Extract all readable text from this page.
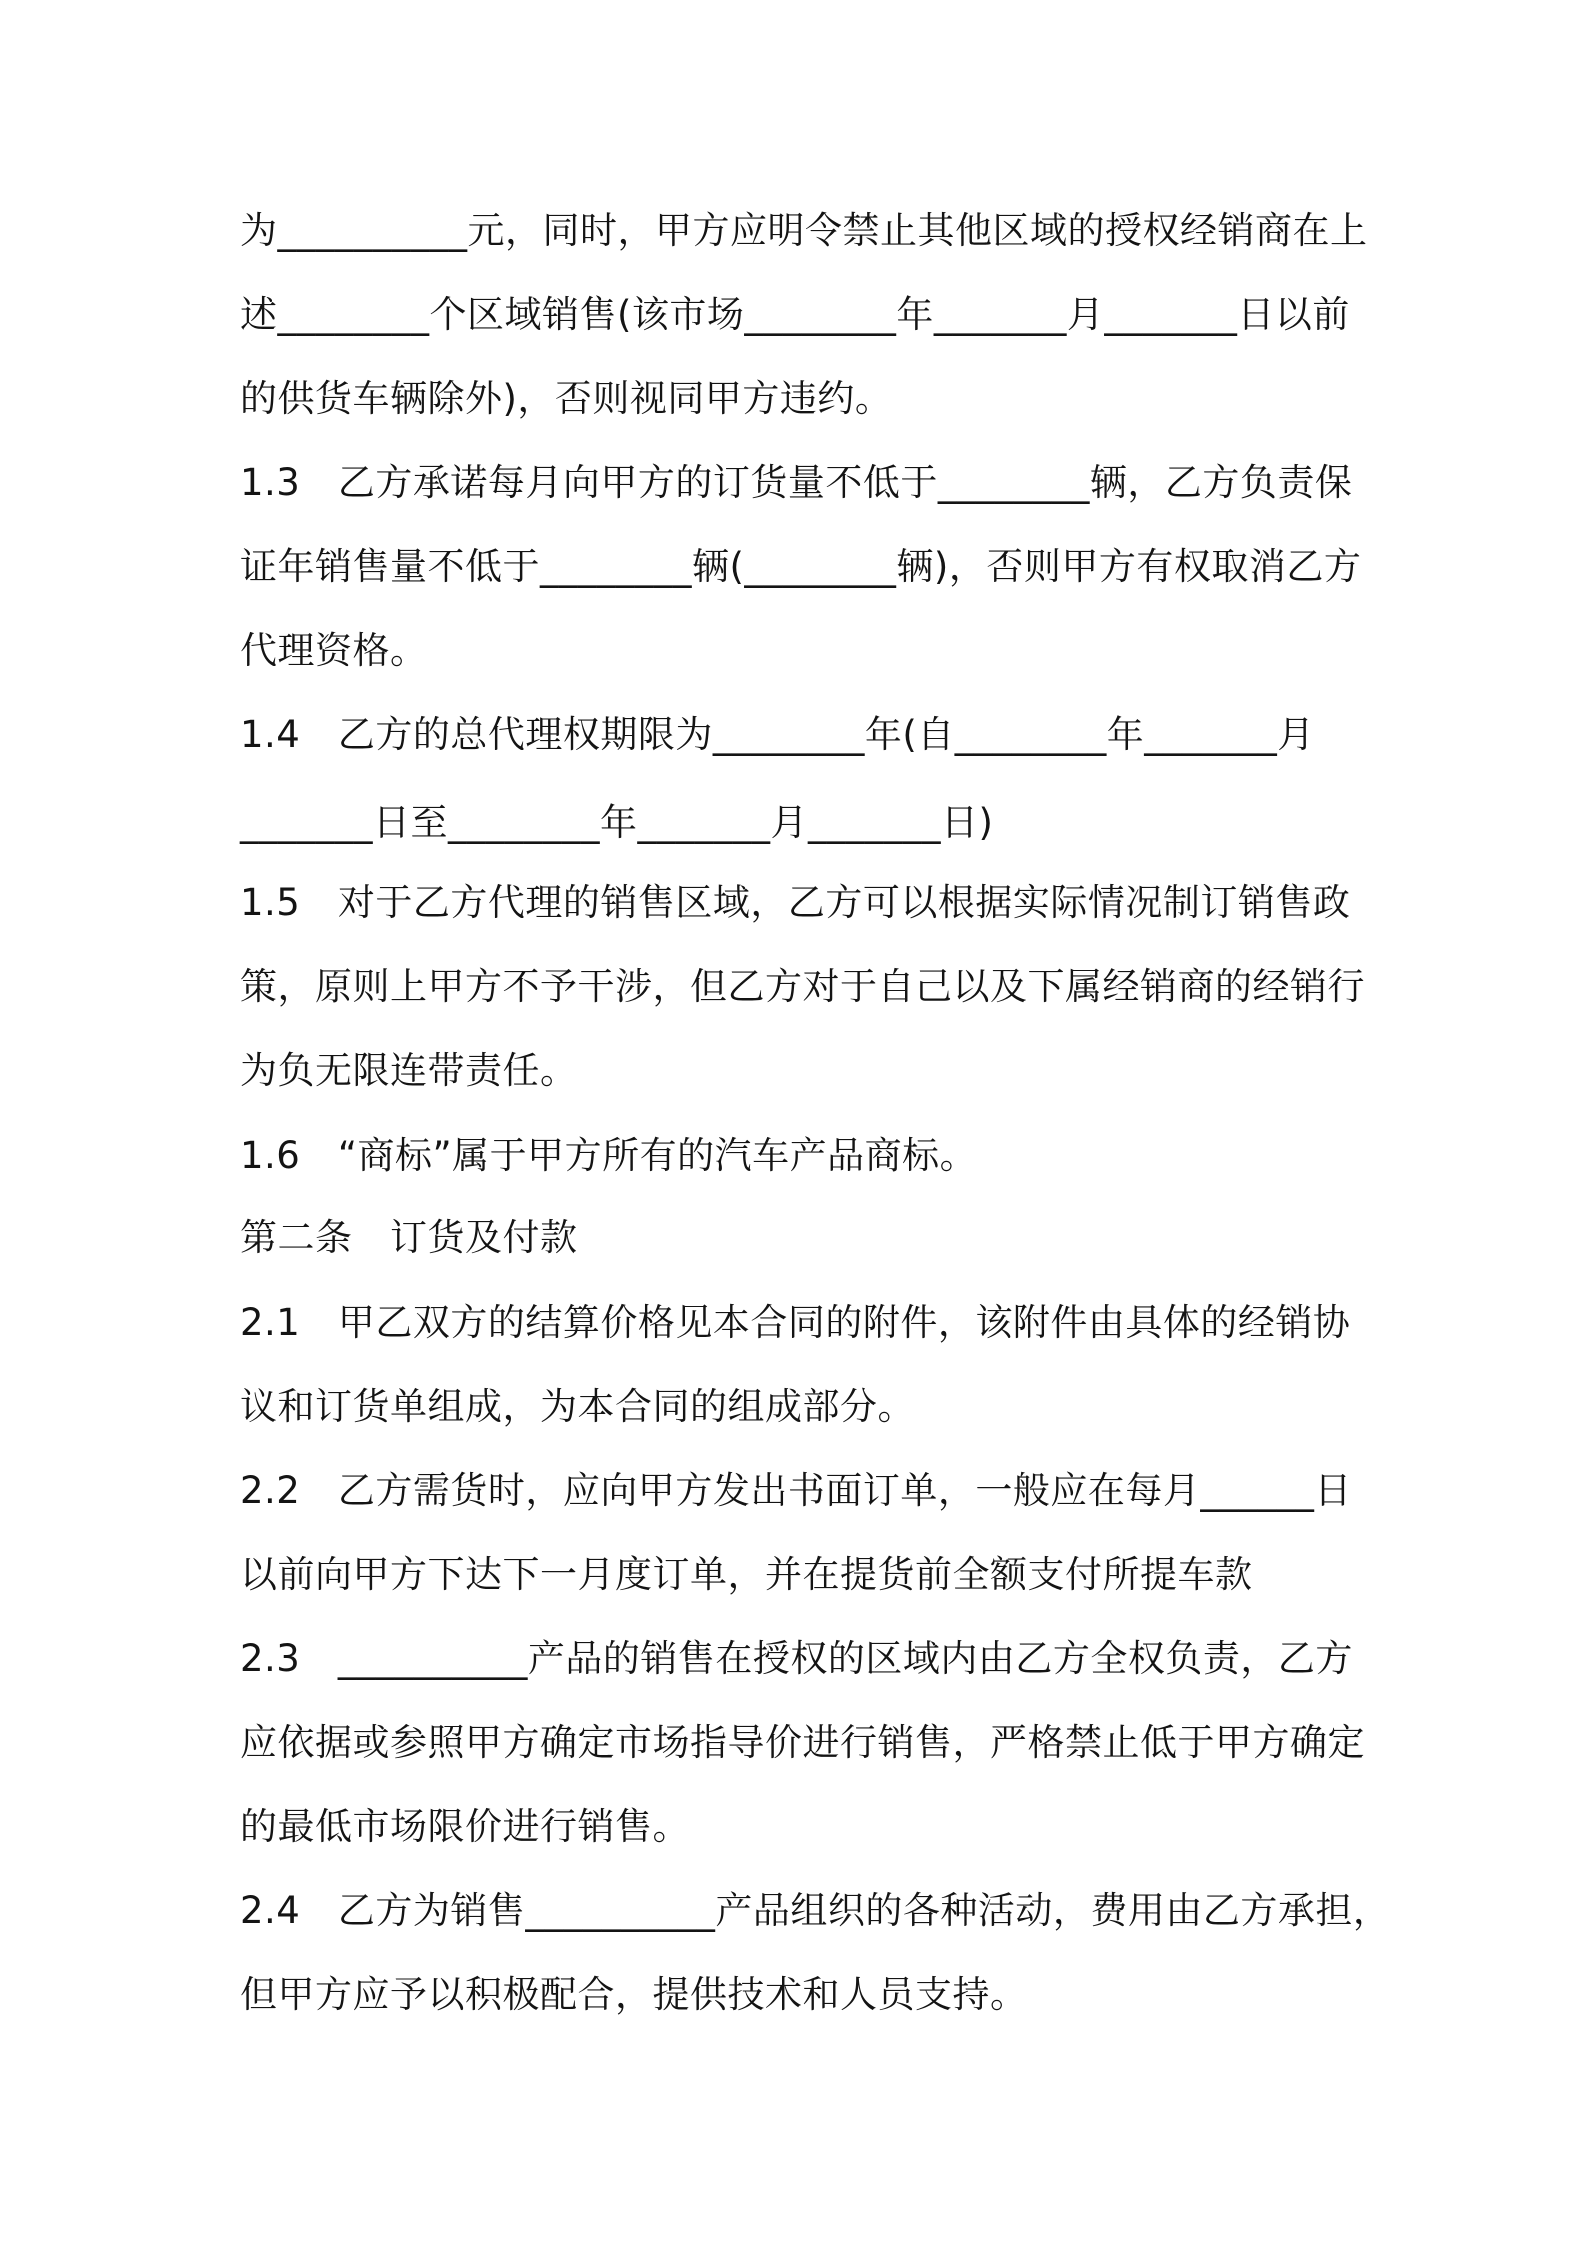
为__________元，同时，甲方应明令禁止其他区域的授权经销商在上
述________个区域销售(该市场________年_______月_______日以前
的供货车辆除外)，否则视同甲方违约。
1.3　乙方承诺每月向甲方的订货量不低于________辆，乙方负责保
证年销售量不低于________辆(________辆)，否则甲方有权取消乙方
代理资格。
1.4　乙方的总代理权期限为________年(自________年_______月
_______日至________年_______月_______日)
1.5　对于乙方代理的销售区域，乙方可以根据实际情况制订销售政
策，原则上甲方不予干涉，但乙方对于自己以及下属经销商的经销行
为负无限连带责任。
1.6　“商标”属于甲方所有的汽车产品商标。
第二条　订货及付款
2.1　甲乙双方的结算价格见本合同的附件，该附件由具体的经销协
议和订货单组成，为本合同的组成部分。
2.2　乙方需货时，应向甲方发出书面订单，一般应在每月______日
以前向甲方下达下一月度订单，并在提货前全额支付所提车款
2.3　__________产品的销售在授权的区域内由乙方全权负责，乙方
应依据或参照甲方确定市场指导价进行销售，严格禁止低于甲方确定
的最低市场限价进行销售。
2.4　乙方为销售__________产品组织的各种活动，费用由乙方承担，
但甲方应予以积极配合，提供技术和人员支持。
